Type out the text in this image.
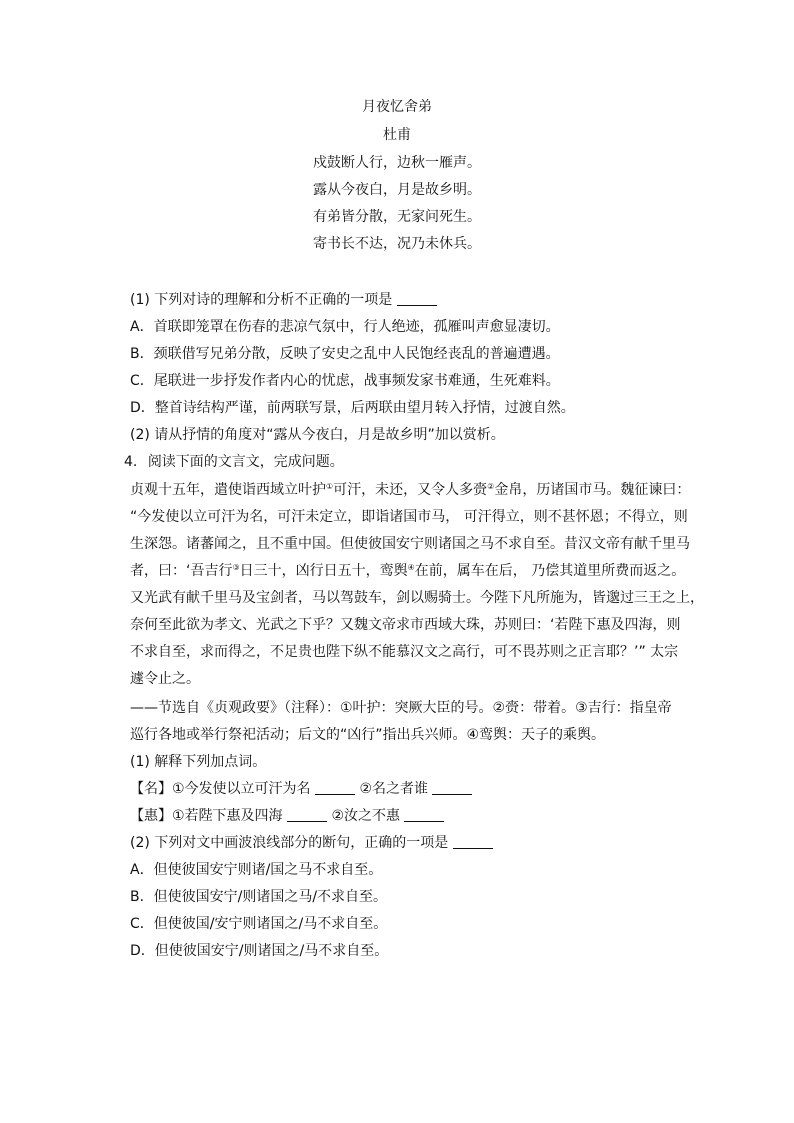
月夜忆舍弟
杜甫
戍鼓断人行，边秋一雁声。
露从今夜白，月是故乡明。
有弟皆分散，无家问死生。
寄书长不达，况乃未休兵。
(1) 下列对诗的理解和分析不正确的一项是
A．首联即笼罩在伤春的悲凉气氛中，行人绝迹，孤雁叫声愈显凄切。
B．颈联借写兄弟分散，反映了安史之乱中人民饱经丧乱的普遍遭遇。
C．尾联进一步抒发作者内心的忧虑，战事频发家书难通，生死难料。
D．整首诗结构严谨，前两联写景，后两联由望月转入抒情，过渡自然。
(2) 请从抒情的角度对“露从今夜白，月是故乡明”加以赏析。
4. 阅读下面的文言文，完成问题。
贞观十五年，遣使诣西域立叶护①可汗，未还，又令人多赍②金帛，历诸国市马。魏征谏曰：
“今发使以立可汗为名，可汗未定立，即诣诸国市马， 可汗得立，则不甚怀恩；不得立，则
生深怨。诸蕃闻之，且不重中国。但使彼国安宁则诸国之马不求自至。昔汉文帝有献千里马
者，曰：‘吾吉行③日三十，凶行日五十，鸾舆④在前，属车在后， 乃偿其道里所费而返之。
又光武有献千里马及宝剑者，马以驾鼓车，剑以赐骑士。今陛下凡所施为，皆邈过三王之上，
奈何至此欲为孝文、光武之下乎？又魏文帝求市西域大珠，苏则曰：‘若陛下惠及四海，则
不求自至，求而得之，不足贵也陛下纵不能慕汉文之高行，可不畏苏则之正言耶？’” 太宗
遽令止之。
——节选自《贞观政要》（注释）：①叶护：突厥大臣的号。②赍：带着。③吉行：指皇帝
巡行各地或举行祭祀活动；后文的“凶行”指出兵兴师。④鸾舆：天子的乘舆。
(1) 解释下列加点词。
【名】①今发使以立可汗为名	②名之者谁
【惠】①若陛下惠及四海	②汝之不惠
(2) 下列对文中画波浪线部分的断句，正确的一项是
A．但使彼国安宁则诸/国之马不求自至。
B．但使彼国安宁/则诸国之马/不求自至。
C．但使彼国/安宁则诸国之/马不求自至。
D．但使彼国安宁/则诸国之/马不求自至。
